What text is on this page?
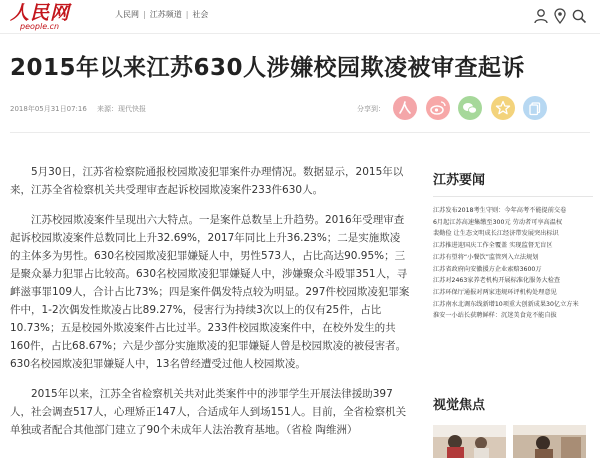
人民网
people.cn
人民网 | 江苏频道 | 社会
2015年以来江苏630人涉嫌校园欺凌被审查起诉
2018年05月31日07:16 来源：现代快报	分享到：

5月30日，江苏省检察院通报校园欺凌犯罪案件办理情况。数据显示，2015年以来，江苏全省检察机关共受理审查起诉校园欺凌案件233件630人。

江苏校园欺凌案件呈现出六大特点。一是案件总数呈上升趋势。2016年受理审查起诉校园欺凌案件总数同比上升32.69%，2017年同比上升36.23%；二是实施欺凌的主体多为男性。630名校园欺凌犯罪嫌疑人中，男性573人，占比高达90.95%；三是聚众暴力犯罪占比较高。630名校园欺凌犯罪嫌疑人中，涉嫌聚众斗殴罪351人，寻衅滋事罪109人，合计占比73%；四是案件偶发特点较为明显。297件校园欺凌犯罪案件中，1-2次偶发性欺凌占比89.27%，侵害行为持续3次以上的仅有25件，占比10.73%；五是校园外欺凌案件占比过半。233件校园欺凌案件中，在校外发生的共160件，占比68.67%；六是少部分实施欺凌的犯罪嫌疑人曾是校园欺凌的被侵害者。630名校园欺凌犯罪嫌疑人中，13名曾经遭受过他人校园欺凌。

2015年以来，江苏全省检察机关共对此类案件中的涉罪学生开展法律援助397人，社会调查517人，心理矫正147人，合适成年人到场151人。目前，全省检察机关单独或者配合其他部门建立了90个未成年人法治教育基地。（省检 陶维洲）

江苏要闻
江苏发布2018考生守则：今年高考不能提前交卷
6月起江苏高速集缴至300元 劳动者可享高温权
裴勤俭 让生态文明成长江经济带发展突出标识
江苏推进迎国庆工作全覆盖 实现监督无盲区
江苏有望将“小餐饮”监管列入立法规划
江苏省政府向安徽援方企业索赔3600万
江苏对2463家养老机构开展标准化服务大检查
江苏环保厅通报对两家违规环评机构处理意见
江苏南水北调东线新增10项重大创新成果30亿立方米
淮安一小站长获聘鲜样：沉迷美食竟不能自拔
视觉焦点
